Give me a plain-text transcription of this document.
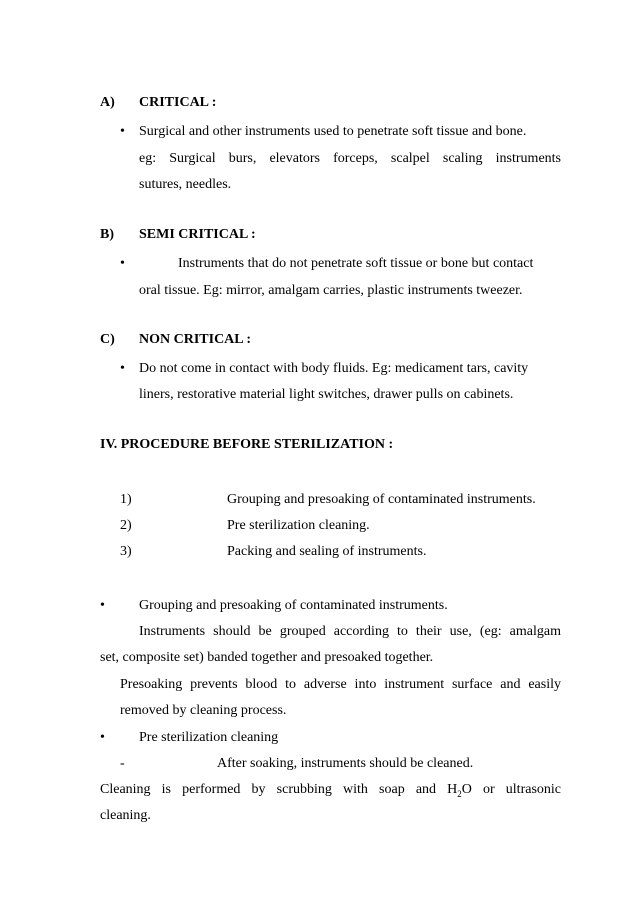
A) CRITICAL :
• Surgical and other instruments used to penetrate soft tissue and bone.
eg: Surgical burs, elevators forceps, scalpel scaling instruments
sutures, needles.
B) SEMI CRITICAL :
•	Instruments that do not penetrate soft tissue or bone but contact
oral tissue. Eg: mirror, amalgam carries, plastic instruments tweezer.
C) NON CRITICAL :
• Do not come in contact with body fluids. Eg: medicament tars, cavity
liners, restorative material light switches, drawer pulls on cabinets.
IV. PROCEDURE BEFORE STERILIZATION :
1)	Grouping and presoaking of contaminated instruments.
2)	Pre sterilization cleaning.
3)	Packing and sealing of instruments.
• Grouping and presoaking of contaminated instruments.
Instruments should be grouped according to their use, (eg: amalgam
set, composite set) banded together and presoaked together.
Presoaking prevents blood to adverse into instrument surface and easily
removed by cleaning process.
• Pre sterilization cleaning
-	After soaking, instruments should be cleaned.
Cleaning is performed by scrubbing with soap and $H_2O$ or ultrasonic
cleaning.
